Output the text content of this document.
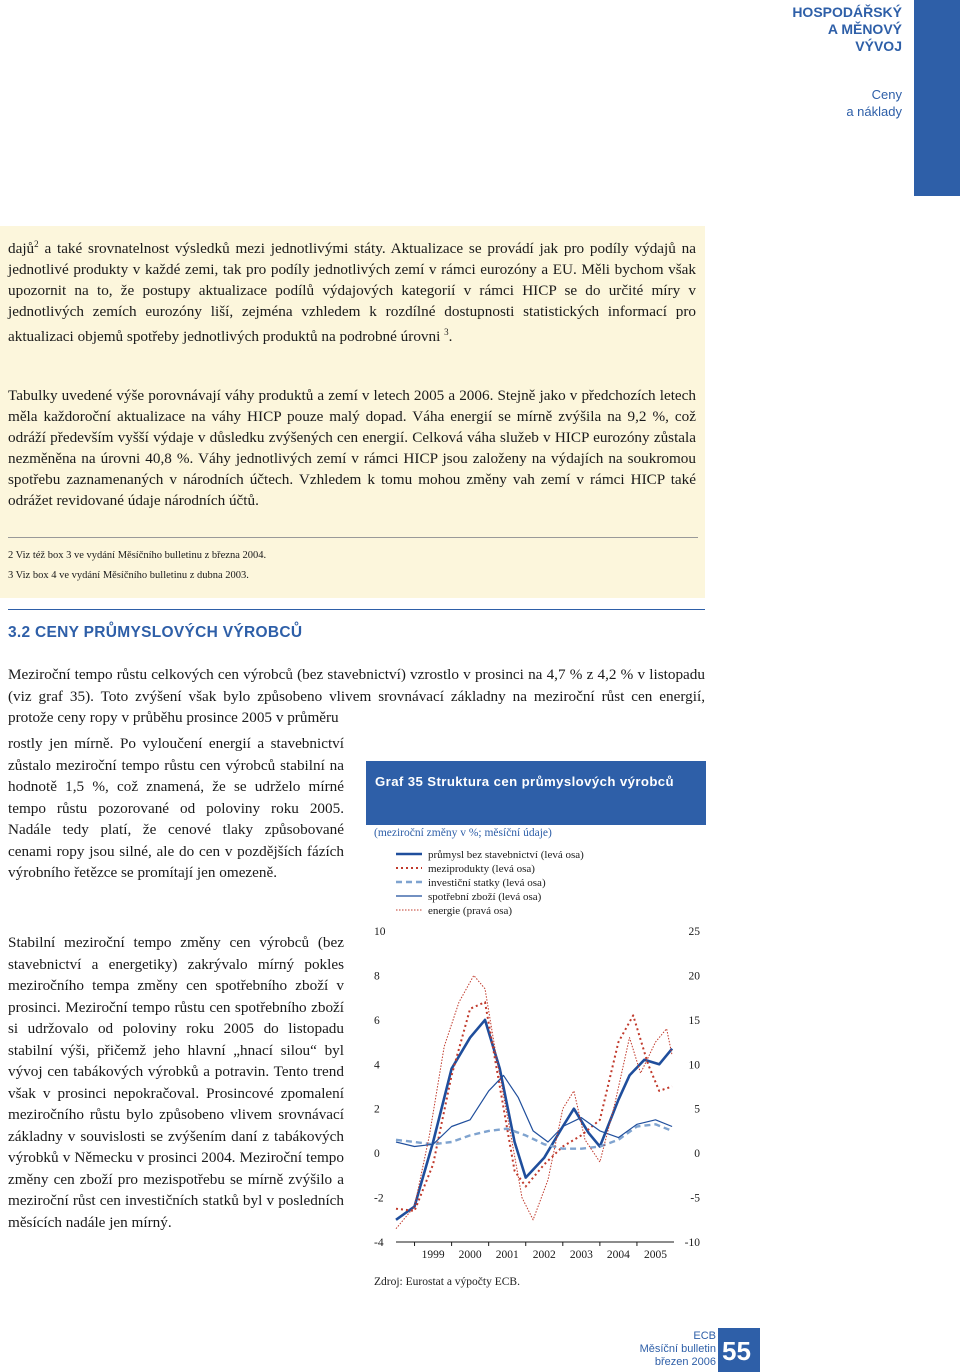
HOSPODÁŘSKÝ
A MĚNOVÝ
VÝVOJ
Ceny
a náklady

dajů$^2$ a také srovnatelnost výsledků mezi jednotlivými státy. Aktualizace se provádí jak pro podíly výdajů na jednotlivé produkty v každé zemi, tak pro podíly jednotlivých zemí v rámci eurozóny a EU. Měli bychom však upozornit na to, že postupy aktualizace podílů výdajových kategorií v rámci HICP se do určité míry v jednotlivých zemích eurozóny liší, zejména vzhledem k rozdílné dostupnosti statistických informací pro aktualizaci objemů spotřeby jednotlivých produktů na podrobné úrovni $^3$.

Tabulky uvedené výše porovnávají váhy produktů a zemí v letech 2005 a 2006. Stejně jako v předchozích letech měla každoroční aktualizace na váhy HICP pouze malý dopad. Váha energií se mírně zvýšila na 9,2 %, což odráží především vyšší výdaje v důsledku zvýšených cen energií. Celková váha služeb v HICP eurozóny zůstala nezměněna na úrovni 40,8 %. Váhy jednotlivých zemí v rámci HICP jsou založeny na výdajích na soukromou spotřebu zaznamenaných v národních účtech. Vzhledem k tomu mohou změny vah zemí v rámci HICP také odrážet revidované údaje národních účtů.

2 Viz též box 3 ve vydání Měsíčního bulletinu z března 2004.

3 Viz box 4 ve vydání Měsíčního bulletinu z dubna 2003.

3.2 CENY PRŮMYSLOVÝCH VÝROBCŮ

Meziroční tempo růstu celkových cen výrobců (bez stavebnictví) vzrostlo v prosinci na 4,7 % z 4,2 % v listopadu (viz graf 35). Toto zvýšení však bylo způsobeno vlivem srovnávací základny na meziroční růst cen energií, protože ceny ropy v průběhu prosince 2005 v průměru

rostly jen mírně. Po vyloučení energií a stavebnictví zůstalo meziroční tempo růstu cen výrobců stabilní na hodnotě 1,5 %, což znamená, že se udrželo mírné tempo růstu pozorované od poloviny roku 2005. Nadále tedy platí, že cenové tlaky způsobované cenami ropy jsou silné, ale do cen v pozdějších fázích výrobního řetězce se promítají jen omezeně.

Stabilní meziroční tempo změny cen výrobců (bez stavebnictví a energetiky) zakrývalo mírný pokles meziročního tempa změny cen spotřebního zboží v prosinci. Meziroční tempo růstu cen spotřebního zboží si udržovalo od poloviny roku 2005 do listopadu stabilní výši, přičemž jeho hlavní „hnací silou“ byl vývoj cen tabákových výrobků a potravin. Tento trend však v prosinci nepokračoval. Prosincové zpomalení meziročního růstu bylo způsobeno vlivem srovnávací základny v souvislosti se zvýšením daní z tabákových výrobků v Německu v prosinci 2004. Meziroční tempo změny cen zboží pro mezispotřebu se mírně zvýšilo a meziroční růst cen investičních statků byl v posledních měsících nadále jen mírný.

Graf 35 Struktura cen průmyslových výrobců

(meziroční změny v %; měsíční údaje)

průmysl bez stavebnictví (levá osa)
meziprodukty (levá osa)
investiční statky (levá osa)
spotřební zboží (levá osa)
energie (pravá osa)
10
8
6
4
2
0
-2
-4
25
20
15
10
5
0
-5
-10
1999 2000 2001 2002 2003 2004 2005

Zdroj: Eurostat a výpočty ECB.

ECB
Měsíční bulletin
březen 2006 55
